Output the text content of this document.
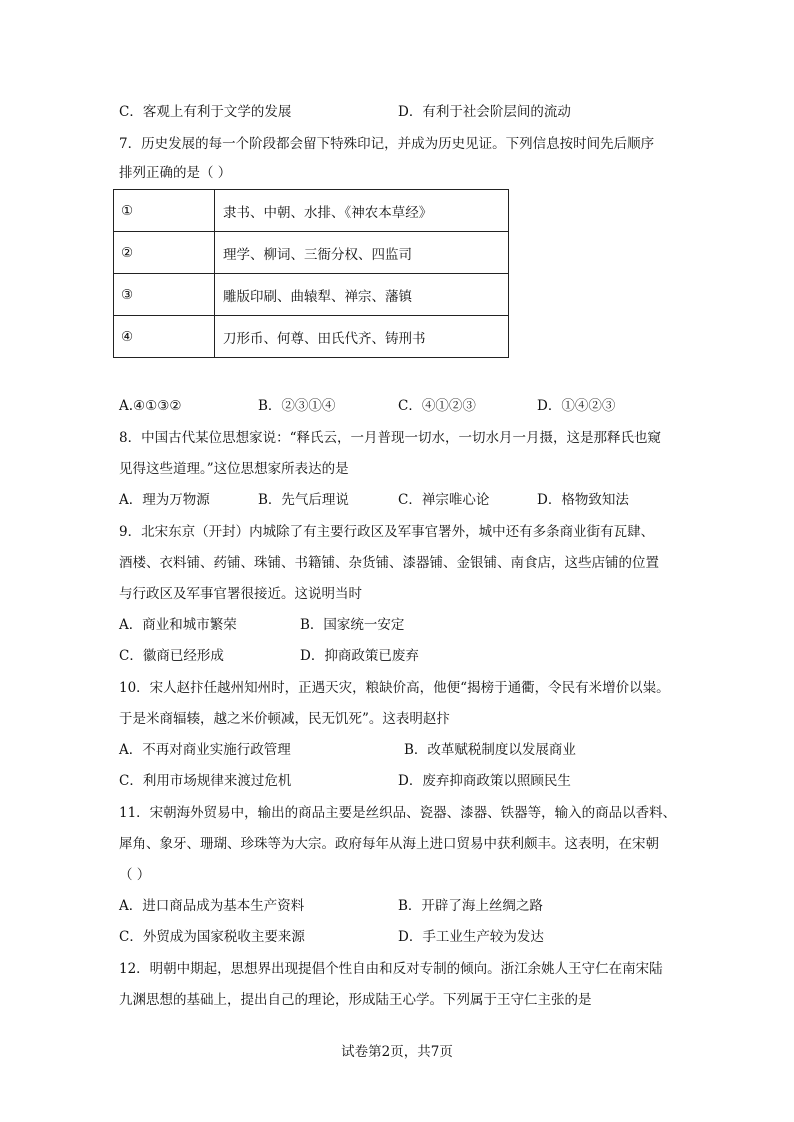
C．客观上有利于文学的发展	D．有利于社会阶层间的流动
7．历史发展的每一个阶段都会留下特殊印记，并成为历史见证。下列信息按时间先后顺序
排列正确的是（ ）
①	隶书、中朝、水排、《神农本草经》
②	理学、柳词、三衙分权、四监司
③	雕版印刷、曲辕犁、禅宗、藩镇
④	刀形币、何尊、田氏代齐、铸刑书
A.④①③②	B．②③①④	C．④①②③	D．①④②③
8．中国古代某位思想家说：“释氏云，一月普现一切水，一切水月一月摄，这是那释氏也窥
见得这些道理。”这位思想家所表达的是
A．理为万物源	B．先气后理说	C．禅宗唯心论	D．格物致知法
9．北宋东京（开封）内城除了有主要行政区及军事官署外，城中还有多条商业街有瓦肆、
酒楼、衣料铺、药铺、珠铺、书籍铺、杂货铺、漆器铺、金银铺、南食店，这些店铺的位置
与行政区及军事官署很接近。这说明当时
A．商业和城市繁荣	B．国家统一安定
C．徽商已经形成	D．抑商政策已废弃
10．宋人赵抃任越州知州时，正遇天灾，粮缺价高，他便“揭榜于通衢，令民有米增价以粜。
于是米商辐辏，越之米价顿减，民无饥死”。这表明赵抃
A．不再对商业实施行政管理	B．改革赋税制度以发展商业
C．利用市场规律来渡过危机	D．废弃抑商政策以照顾民生
11．宋朝海外贸易中，输出的商品主要是丝织品、瓷器、漆器、铁器等，输入的商品以香料、
犀角、象牙、珊瑚、珍珠等为大宗。政府每年从海上进口贸易中获利颇丰。这表明，在宋朝
（ ）
A．进口商品成为基本生产资料	B．开辟了海上丝绸之路
C．外贸成为国家税收主要来源	D．手工业生产较为发达
12．明朝中期起，思想界出现提倡个性自由和反对专制的倾向。浙江余姚人王守仁在南宋陆
九渊思想的基础上，提出自己的理论，形成陆王心学。下列属于王守仁主张的是
试卷第2页，共7页
